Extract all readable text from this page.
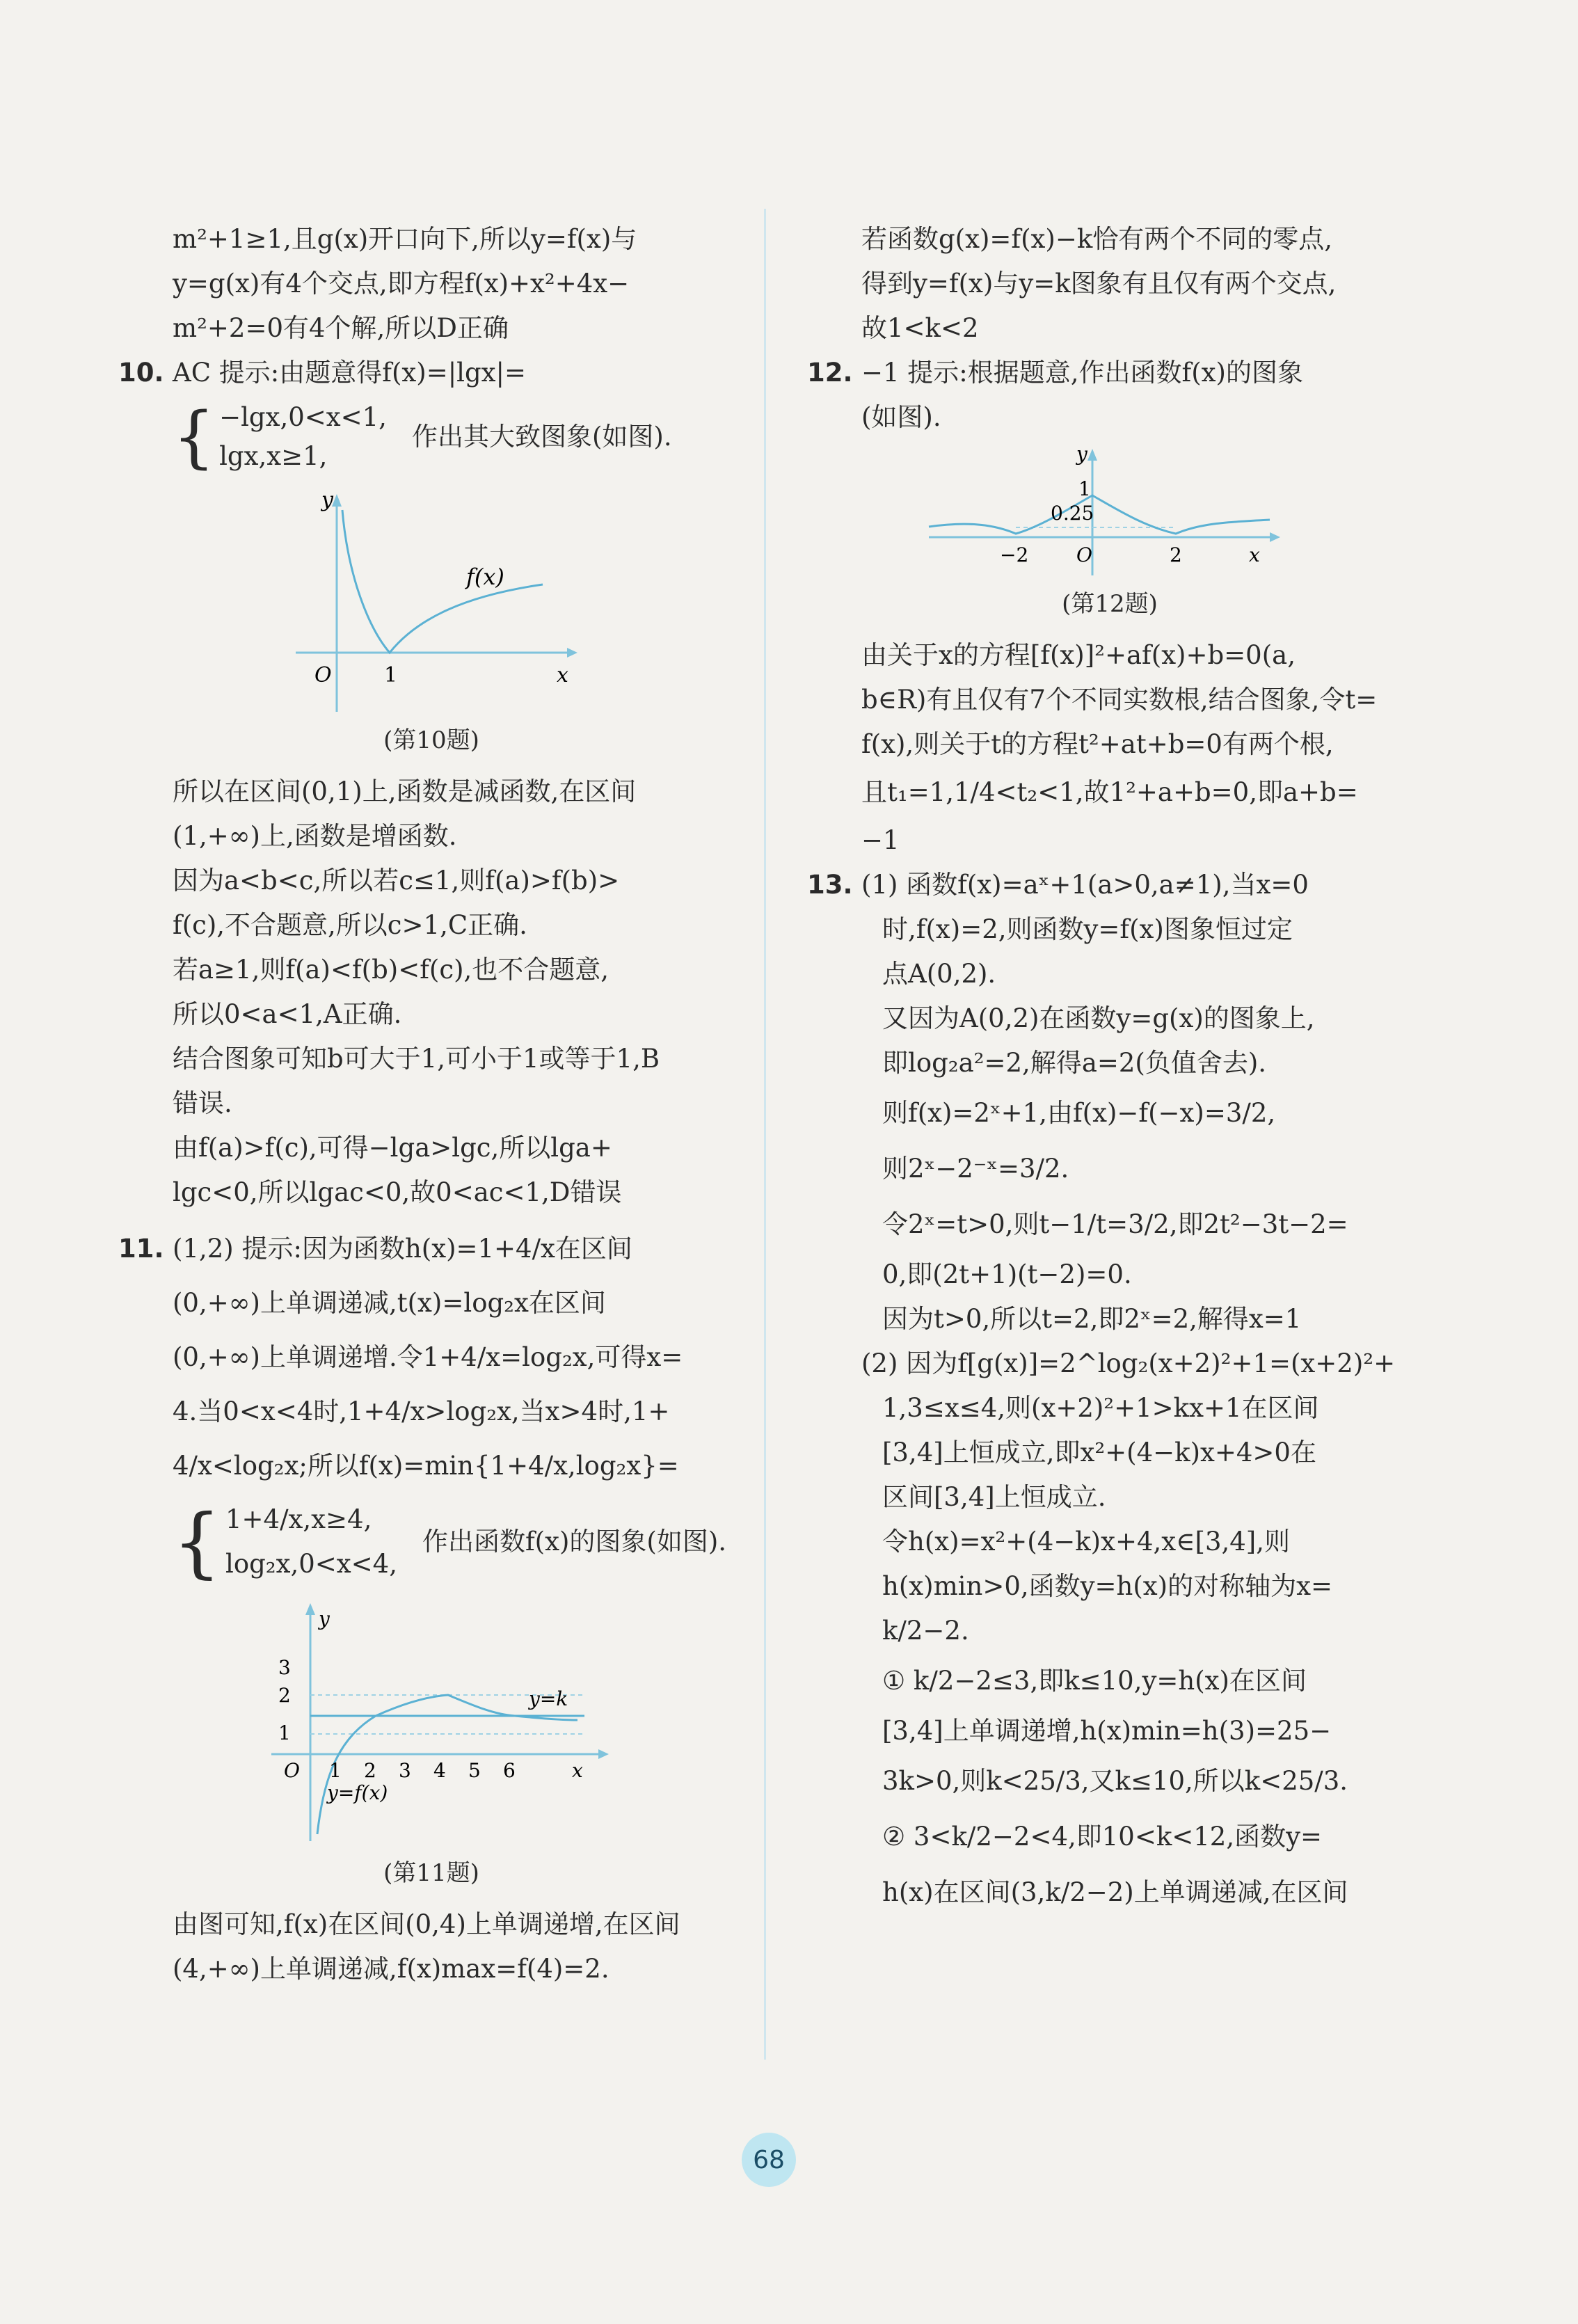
m²+1≥1,且g(x)开口向下,所以y=f(x)与

y=g(x)有4个交点,即方程f(x)+x²+4x−

m²+2=0有4个解,所以D正确

10. AC 提示:由题意得f(x)=|lgx|=

{ −lgx,0<x<1,
lgx,x≥1,
作出其大致图象(如图).
y
x
O	1
f(x)
(第10题)

所以在区间(0,1)上,函数是减函数,在区间

(1,+∞)上,函数是增函数.

因为a<b<c,所以若c≤1,则f(a)>f(b)>

f(c),不合题意,所以c>1,C正确.

若a≥1,则f(a)<f(b)<f(c),也不合题意,

所以0<a<1,A正确.

结合图象可知b可大于1,可小于1或等于1,B

错误.

由f(a)>f(c),可得−lga>lgc,所以lga+

lgc<0,所以lgac<0,故0<ac<1,D错误

11. (1,2) 提示:因为函数h(x)=1+4/x在区间

(0,+∞)上单调递减,t(x)=log₂x在区间

(0,+∞)上单调递增.令1+4/x=log₂x,可得x=

4.当0<x<4时,1+4/x>log₂x,当x>4时,1+

4/x<log₂x;所以f(x)=min{1+4/x,log₂x}=

{ 1+4/x,x≥4,
log₂x,0<x<4,
作出函数f(x)的图象(如图).
3
2
1
O 1 2 3 4 5 6
y
x
y=k
y=f(x)
(第11题)

由图可知,f(x)在区间(0,4)上单调递增,在区间

(4,+∞)上单调递减,f(x)max=f(4)=2.

若函数g(x)=f(x)−k恰有两个不同的零点,

得到y=f(x)与y=k图象有且仅有两个交点,

故1<k<2

12. −1 提示:根据题意,作出函数f(x)的图象

(如图).

y
1
0.25
−2 O	2	x
(第12题)

由关于x的方程[f(x)]²+af(x)+b=0(a,

b∈R)有且仅有7个不同实数根,结合图象,令t=

f(x),则关于t的方程t²+at+b=0有两个根,

且t₁=1,1/4<t₂<1,故1²+a+b=0,即a+b=

−1

13. (1) 函数f(x)=aˣ+1(a>0,a≠1),当x=0

时,f(x)=2,则函数y=f(x)图象恒过定

点A(0,2).

又因为A(0,2)在函数y=g(x)的图象上,

即log₂a²=2,解得a=2(负值舍去).

则f(x)=2ˣ+1,由f(x)−f(−x)=3/2,

则2ˣ−2⁻ˣ=3/2.

令2ˣ=t>0,则t−1/t=3/2,即2t²−3t−2=

0,即(2t+1)(t−2)=0.

因为t>0,所以t=2,即2ˣ=2,解得x=1

(2) 因为f[g(x)]=2^log₂(x+2)²+1=(x+2)²+

1,3≤x≤4,则(x+2)²+1>kx+1在区间

[3,4]上恒成立,即x²+(4−k)x+4>0在

区间[3,4]上恒成立.

令h(x)=x²+(4−k)x+4,x∈[3,4],则

h(x)min>0,函数y=h(x)的对称轴为x=

k/2−2.

① k/2−2≤3,即k≤10,y=h(x)在区间

[3,4]上单调递增,h(x)min=h(3)=25−

3k>0,则k<25/3,又k≤10,所以k<25/3.

② 3<k/2−2<4,即10<k<12,函数y=

h(x)在区间(3,k/2−2)上单调递减,在区间

68
